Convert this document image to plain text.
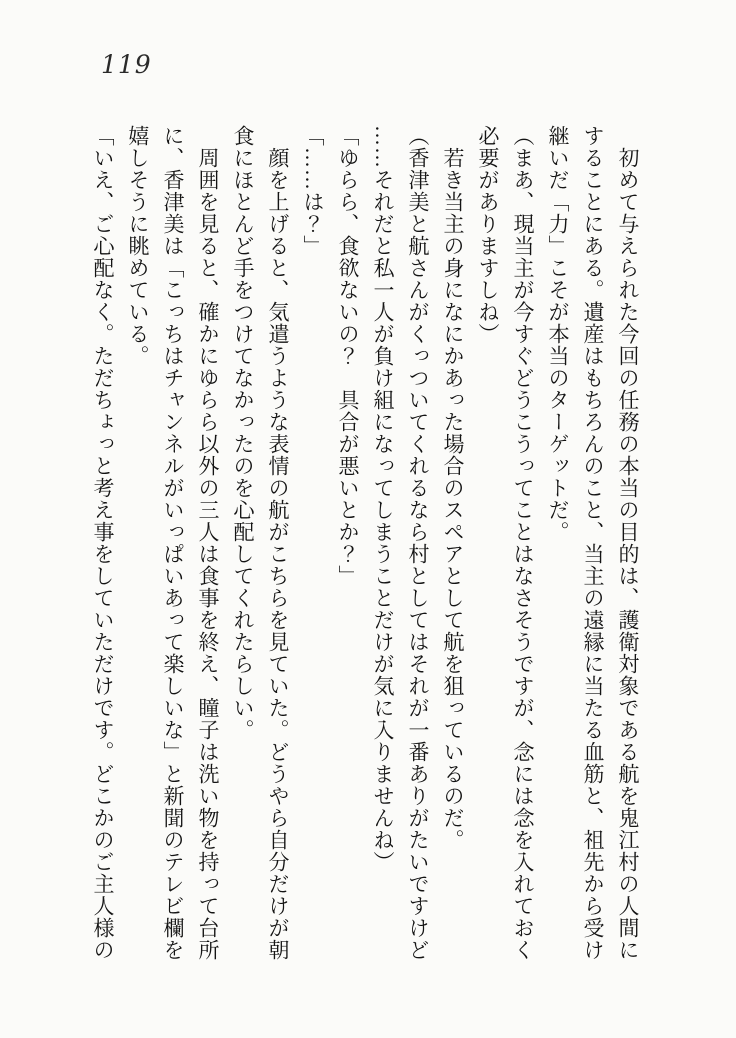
119
　初めて与えられた今回の任務の本当の目的は、護衛対象である航を鬼江村の人間に
することにある。遺産はもちろんのこと、当主の遠縁に当たる血筋と、祖先から受け
継いだ「力」こそが本当のターゲットだ。
（まあ、現当主が今すぐどうこうってことはなさそうですが、念には念を入れておく
必要がありますしね）
　若き当主の身になにかあった場合のスペアとして航を狙っているのだ。
（香津美と航さんがくっついてくれるなら村としてはそれが一番ありがたいですけど
……それだと私一人が負け組になってしまうことだけが気に入りませんね）
「ゆらら、食欲ないの？　具合が悪いとか？」
「……は？」
　顔を上げると、気遣うような表情の航がこちらを見ていた。どうやら自分だけが朝
食にほとんど手をつけてなかったのを心配してくれたらしい。
　周囲を見ると、確かにゆらら以外の三人は食事を終え、瞳子は洗い物を持って台所
に、香津美は「こっちはチャンネルがいっぱいあって楽しいな」と新聞のテレビ欄を
嬉しそうに眺めている。
「いえ、ご心配なく。ただちょっと考え事をしていただけです。どこかのご主人様の
